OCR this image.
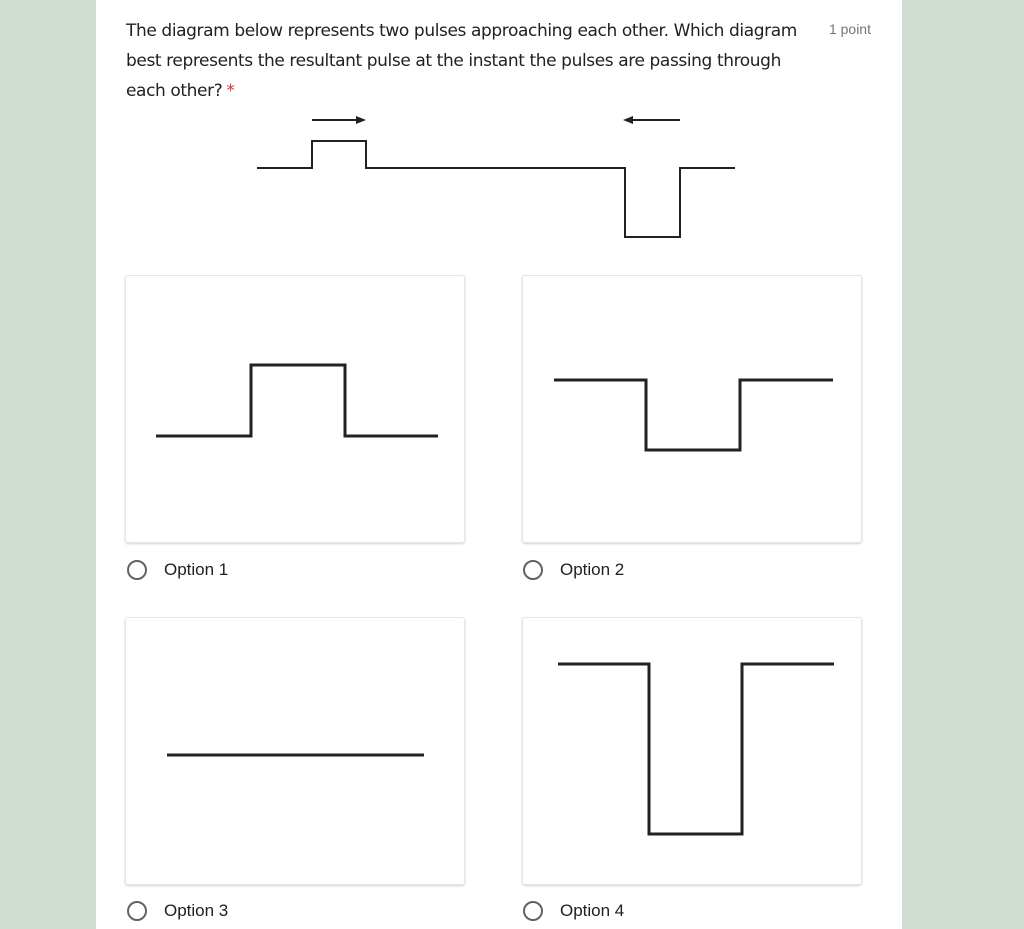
The diagram below represents two pulses approaching each other. Which diagram best represents the resultant pulse at the instant the pulses are passing through each other? *
1 point
Option 1	Option 2
Option 3	Option 4
